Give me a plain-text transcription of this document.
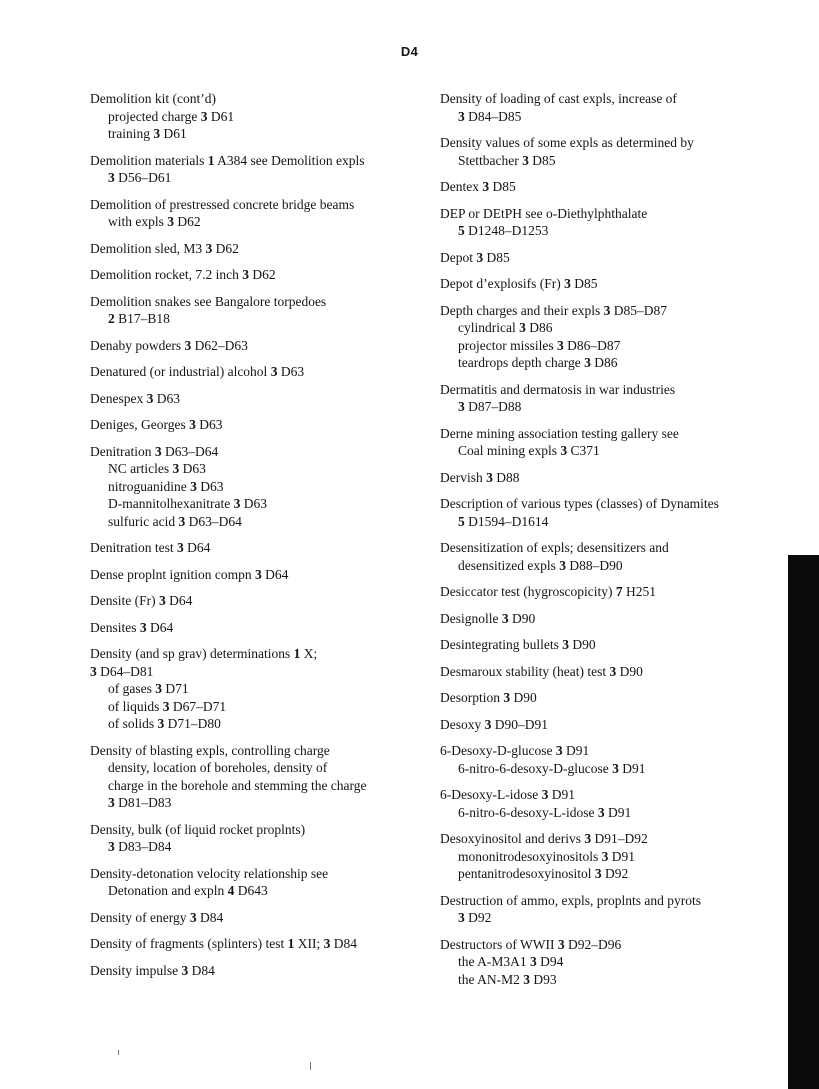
D4
Demolition kit (cont’d)
projected charge 3 D61
training 3 D61
Demolition materials 1 A384 see Demolition expls
3 D56–D61
Demolition of prestressed concrete bridge beams
with expls 3 D62
Demolition sled, M3 3 D62
Demolition rocket, 7.2 inch 3 D62
Demolition snakes see Bangalore torpedoes
2 B17–B18
Denaby powders 3 D62–D63
Denatured (or industrial) alcohol 3 D63
Denespex 3 D63
Deniges, Georges 3 D63
Denitration 3 D63–D64
NC articles 3 D63
nitroguanidine 3 D63
D-mannitolhexanitrate 3 D63
sulfuric acid 3 D63–D64
Denitration test 3 D64
Dense proplnt ignition compn 3 D64
Densite (Fr) 3 D64
Densites 3 D64
Density (and sp grav) determinations 1 X;
3 D64–D81
of gases 3 D71
of liquids 3 D67–D71
of solids 3 D71–D80
Density of blasting expls, controlling charge
density, location of boreholes, density of
charge in the borehole and stemming the charge
3 D81–D83
Density, bulk (of liquid rocket proplnts)
3 D83–D84
Density-detonation velocity relationship see
Detonation and expln 4 D643
Density of energy 3 D84
Density of fragments (splinters) test 1 XII; 3 D84
Density impulse 3 D84
Density of loading of cast expls, increase of
3 D84–D85
Density values of some expls as determined by
Stettbacher 3 D85
Dentex 3 D85
DEP or DEtPH see o-Diethylphthalate
5 D1248–D1253
Depot 3 D85
Depot d’explosifs (Fr) 3 D85
Depth charges and their expls 3 D85–D87
cylindrical 3 D86
projector missiles 3 D86–D87
teardrops depth charge 3 D86
Dermatitis and dermatosis in war industries
3 D87–D88
Derne mining association testing gallery see
Coal mining expls 3 C371
Dervish 3 D88
Description of various types (classes) of Dynamites
5 D1594–D1614
Desensitization of expls; desensitizers and
desensitized expls 3 D88–D90
Desiccator test (hygroscopicity) 7 H251
Designolle 3 D90
Desintegrating bullets 3 D90
Desmaroux stability (heat) test 3 D90
Desorption 3 D90
Desoxy 3 D90–D91
6-Desoxy-D-glucose 3 D91
6-nitro-6-desoxy-D-glucose 3 D91
6-Desoxy-L-idose 3 D91
6-nitro-6-desoxy-L-idose 3 D91
Desoxyinositol and derivs 3 D91–D92
mononitrodesoxyinositols 3 D91
pentanitrodesoxyinositol 3 D92
Destruction of ammo, expls, proplnts and pyrots
3 D92
Destructors of WWII 3 D92–D96
the A-M3A1 3 D94
the AN-M2 3 D93
